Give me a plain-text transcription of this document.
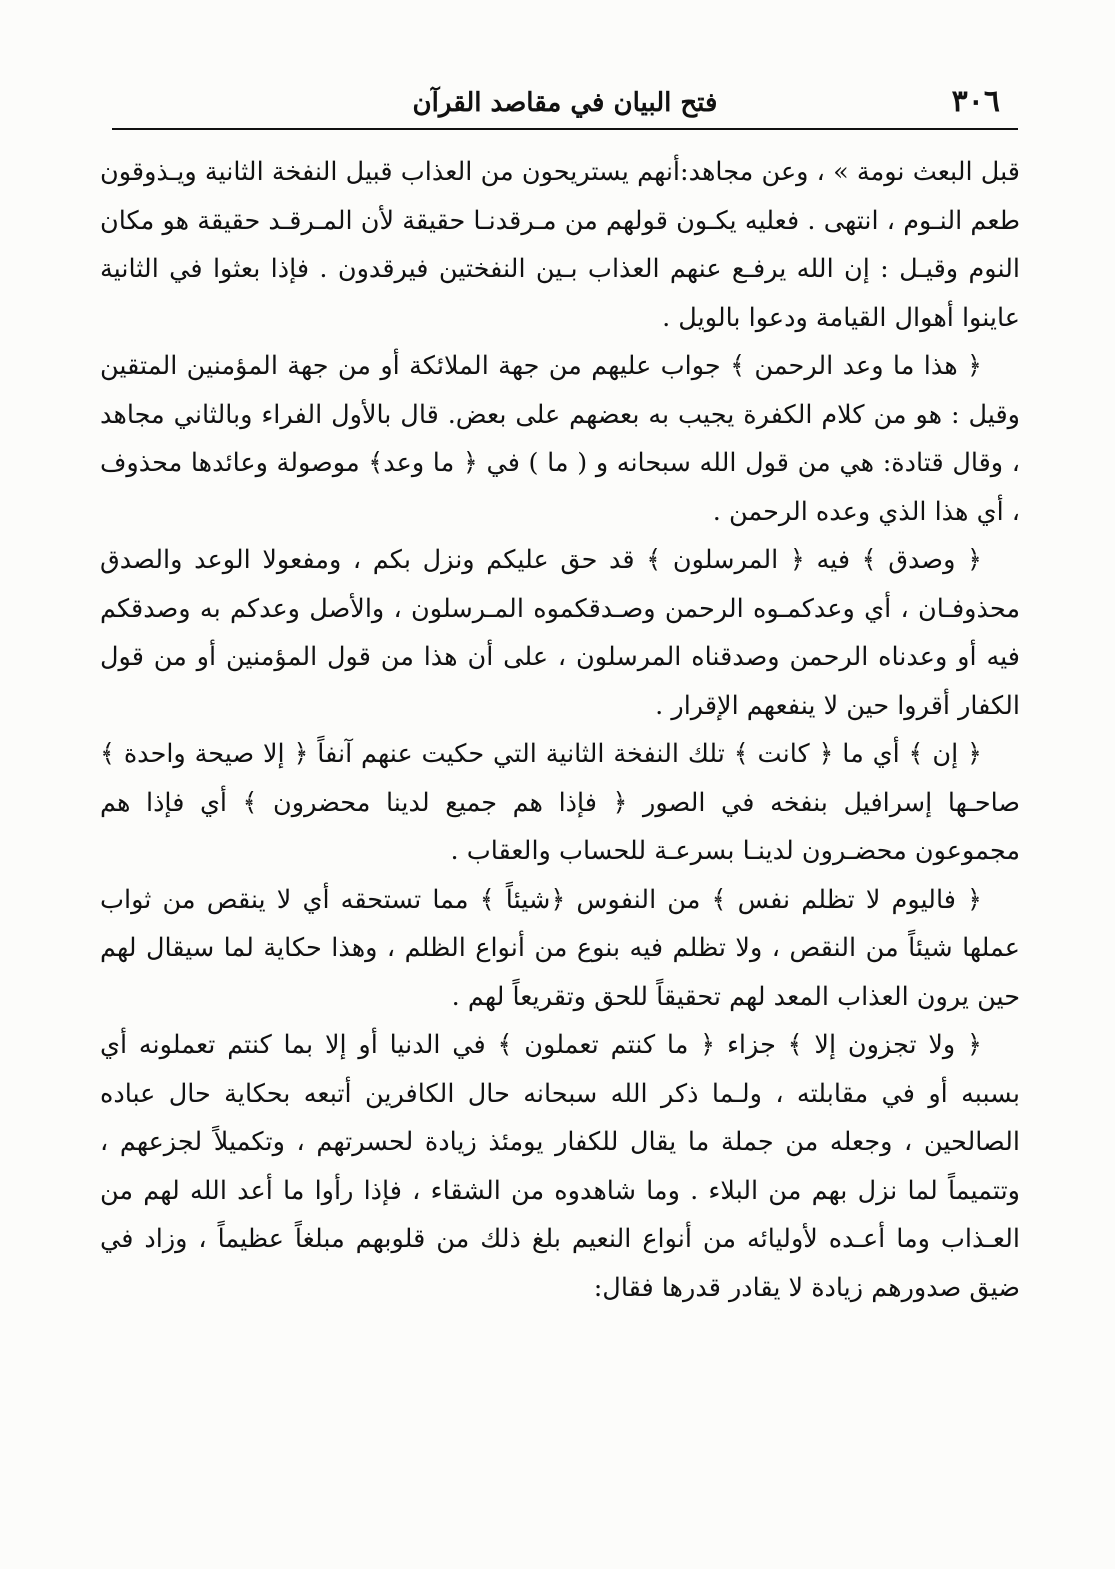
٣٠٦
فتح البيان في مقاصد القرآن

قبل البعث نومة » ، وعن مجاهد:أنهم يستريحون من العذاب قبيل النفخة الثانية ويـذوقون طعم النـوم ، انتهى . فعليه يكـون قولهم من مـرقدنـا حقيقة لأن المـرقـد حقيقة هو مكان النوم وقيـل : إن الله يرفـع عنهم العذاب بـين النفختين فيرقدون . فإذا بعثوا في الثانية عاينوا أهوال القيامة ودعوا بالويل .

﴿ هذا ما وعد الرحمن ﴾ جواب عليهم من جهة الملائكة أو من جهة المؤمنين المتقين وقيل : هو من كلام الكفرة يجيب به بعضهم على بعض. قال بالأول الفراء وبالثاني مجاهد ، وقال قتادة: هي من قول الله سبحانه و ( ما ) في ﴿ ما وعد﴾ موصولة وعائدها محذوف ، أي هذا الذي وعده الرحمن .

﴿ وصدق ﴾ فيه ﴿ المرسلون ﴾ قد حق عليكم ونزل بكم ، ومفعولا الوعد والصدق محذوفـان ، أي وعدكمـوه الرحمن وصـدقكموه المـرسلون ، والأصل وعدكم به وصدقكم فيه أو وعدناه الرحمن وصدقناه المرسلون ، على أن هذا من قول المؤمنين أو من قول الكفار أقروا حين لا ينفعهم الإقرار .

﴿ إن ﴾ أي ما ﴿ كانت ﴾ تلك النفخة الثانية التي حكيت عنهم آنفاً ﴿ إلا صيحة واحدة ﴾ صاحـها إسرافيل بنفخه في الصور ﴿ فإذا هم جميع لدينا محضرون ﴾ أي فإذا هم مجموعون محضـرون لدينـا بسرعـة للحساب والعقاب .

﴿ فاليوم لا تظلم نفس ﴾ من النفوس ﴿شيئاً ﴾ مما تستحقه أي لا ينقص من ثواب عملها شيئاً من النقص ، ولا تظلم فيه بنوع من أنواع الظلم ، وهذا حكاية لما سيقال لهم حين يرون العذاب المعد لهم تحقيقاً للحق وتقريعاً لهم .

﴿ ولا تجزون إلا ﴾ جزاء ﴿ ما كنتم تعملون ﴾ في الدنيا أو إلا بما كنتم تعملونه أي بسببه أو في مقابلته ، ولـما ذكر الله سبحانه حال الكافرين أتبعه بحكاية حال عباده الصالحين ، وجعله من جملة ما يقال للكفار يومئذ زيادة لحسرتهم ، وتكميلاً لجزعهم ، وتتميماً لما نزل بهم من البلاء . وما شاهدوه من الشقاء ، فإذا رأوا ما أعد الله لهم من العـذاب وما أعـده لأوليائه من أنواع النعيم بلغ ذلك من قلوبهم مبلغاً عظيماً ، وزاد في ضيق صدورهم زيادة لا يقادر قدرها فقال:
